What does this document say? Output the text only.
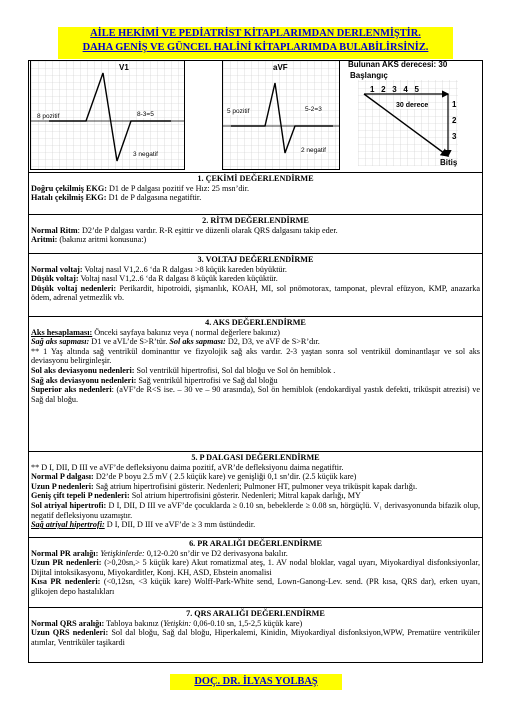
AİLE HEKİMİ VE PEDİATRİST KİTAPLARIMDAN DERLENMİŞTİR.
DAHA GENİŞ VE GÜNCEL HALİNİ KİTAPLARIMDA BULABİLİRSİNİZ.
V1
8 pozitif	8-3=5
3 negatif
aVF
5 pozitif	5-2=3
2 negatif
Bulunan AKS derecesi: 30
Başlangıç
1   2   3   4   5
30 derece	1
2
3
Bitiş
1. ÇEKİMİ DEĞERLENDİRME
Doğru çekilmiş EKG: D1 de P dalgası pozitif ve Hız: 25 msn’dir.
Hatalı çekilmiş EKG: D1 de P dalgasına negatiftir.
2. RİTM DEĞERLENDİRME
Normal Ritm: D2’de P dalgası vardır. R-R eşittir ve düzenli olarak QRS dalgasını takip eder.
Aritmi: (bakınız aritmi konusuna:)
3. VOLTAJ DEĞERLENDİRME
Normal voltaj: Voltaj nasıl V1,2..6 ‘da R dalgası >8 küçük kareden büyüktür.
Düşük voltaj: Voltaj nasıl V1,2..6 ‘da R dalgası 8 küçük kareden küçüktür.
Düşük voltaj nedenleri: Perikardit, hipotroidi, şişmanlık, KOAH, MI, sol pnömotorax, tamponat, plevral efüzyon, KMP, anazarka ödem, adrenal yetmezlik vb.
4. AKS DEĞERLENDİRME
Aks hesaplaması: Önceki sayfaya bakınız veya ( normal değerlere bakınız)
Sağ aks sapması: D1 ve aVL’de S>R’tür. Sol aks sapması: D2, D3, ve aVF de S>R’dır.
** 1 Yaş altında sağ ventrikül dominanttır ve fizyolojik sağ aks vardır. 2-3 yaştan sonra sol ventrikül dominantlaşır ve sol aks deviasyonu belirginleşir.
Sol aks deviasyonu nedenleri: Sol ventrikül hipertrofisi, Sol dal bloğu ve Sol ön hemiblok .
Sağ aks deviasyonu nedenleri: Sağ ventrikül hipertrofisi ve Sağ dal bloğu
Superior aks nedenleri: (aVF’de R<S ise. – 30 ve – 90 arasında), Sol ön hemiblok (endokardiyal yastık defekti, triküspit atrezisi) ve Sağ dal bloğu.
5. P DALGASI DEĞERLENDİRME
** D I, DII, D III ve aVF’de defleksiyonu daima pozitif, aVR’de defleksiyonu daima negatiftir.
Normal P dalgası: D2’de P boyu 2.5 mV ( 2.5 küçük kare) ve genişliği 0,1 sn’dir. (2.5 küçük kare)
Uzun P nedenleri: Sağ atrium hipertrofisini gösterir. Nedenleri; Pulmoner HT, pulmoner veya triküspit kapak darlığı.
Geniş çift tepeli P nedenleri: Sol atrium hipertrofisini gösterir. Nedenleri; Mitral kapak darlığı, MY
Sol atriyal hipertrofi: D I, DII, D III ve aVF’de çocuklarda ≥ 0.10 sn, bebeklerde ≥ 0.08 sn, hörgüçlü. V₁ derivasyonunda bifazik olup, negatif defleksiyonu uzamıştır.
Sağ atriyal hipertrofi: D I, DII, D III ve aVF’de ≥ 3 mm üstündedir.
6. PR ARALIĞI DEĞERLENDİRME
Normal PR aralığı: Yetişkinlerde: 0,12-0.20 sn’dir ve D2 derivasyona bakılır.
Uzun PR nedenleri: (>0,20sn,> 5 küçük kare) Akut romatizmal ateş, 1. AV nodal bloklar, vagal uyarı, Miyokardiyal disfonksiyonlar, Dijital intoksikasyonu, Miyokarditler, Konj. KH, ASD, Ebstein anomalisi
Kısa PR nedenleri: (<0,12sn, <3 küçük kare) Wolff-Park-White send, Lown-Ganong-Lev. send. (PR kısa, QRS dar), erken uyarı, glikojen depo hastalıkları
7. QRS ARALIĞI DEĞERLENDİRME
Normal QRS aralığı: Tabloya bakınız (Yetişkin: 0,06-0.10 sn, 1,5-2,5 küçük kare)
Uzun QRS nedenleri: Sol dal bloğu, Sağ dal bloğu, Hiperkalemi, Kinidin, Miyokardiyal disfonksiyon,WPW, Prematüre ventriküler atımlar, Ventriküler taşikardi
DOÇ. DR. İLYAS YOLBAŞ
